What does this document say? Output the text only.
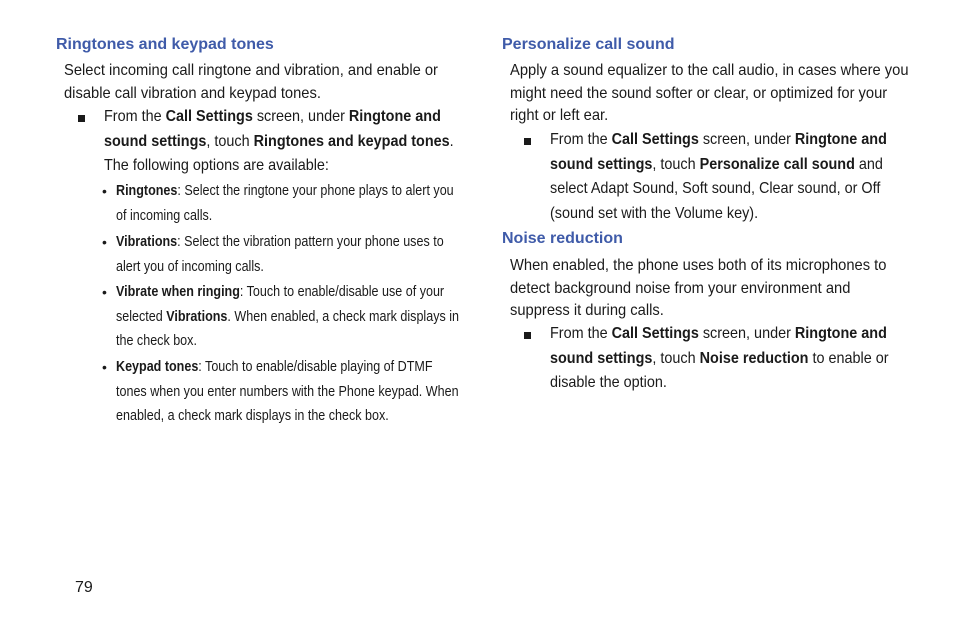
Ringtones and keypad tones

Select incoming call ringtone and vibration, and enable or disable call vibration and keypad tones.

From the Call Settings screen, under Ringtone and sound settings, touch Ringtones and keypad tones. The following options are available:

• Ringtones: Select the ringtone your phone plays to alert you of incoming calls.

• Vibrations: Select the vibration pattern your phone uses to alert you of incoming calls.

• Vibrate when ringing: Touch to enable/disable use of your selected Vibrations. When enabled, a check mark displays in the check box.

• Keypad tones: Touch to enable/disable playing of DTMF tones when you enter numbers with the Phone keypad. When enabled, a check mark displays in the check box.

Personalize call sound

Apply a sound equalizer to the call audio, in cases where you might need the sound softer or clear, or optimized for your right or left ear.

From the Call Settings screen, under Ringtone and sound settings, touch Personalize call sound and select Adapt Sound, Soft sound, Clear sound, or Off (sound set with the Volume key).

Noise reduction

When enabled, the phone uses both of its microphones to detect background noise from your environment and suppress it during calls.

From the Call Settings screen, under Ringtone and sound settings, touch Noise reduction to enable or disable the option.

79
